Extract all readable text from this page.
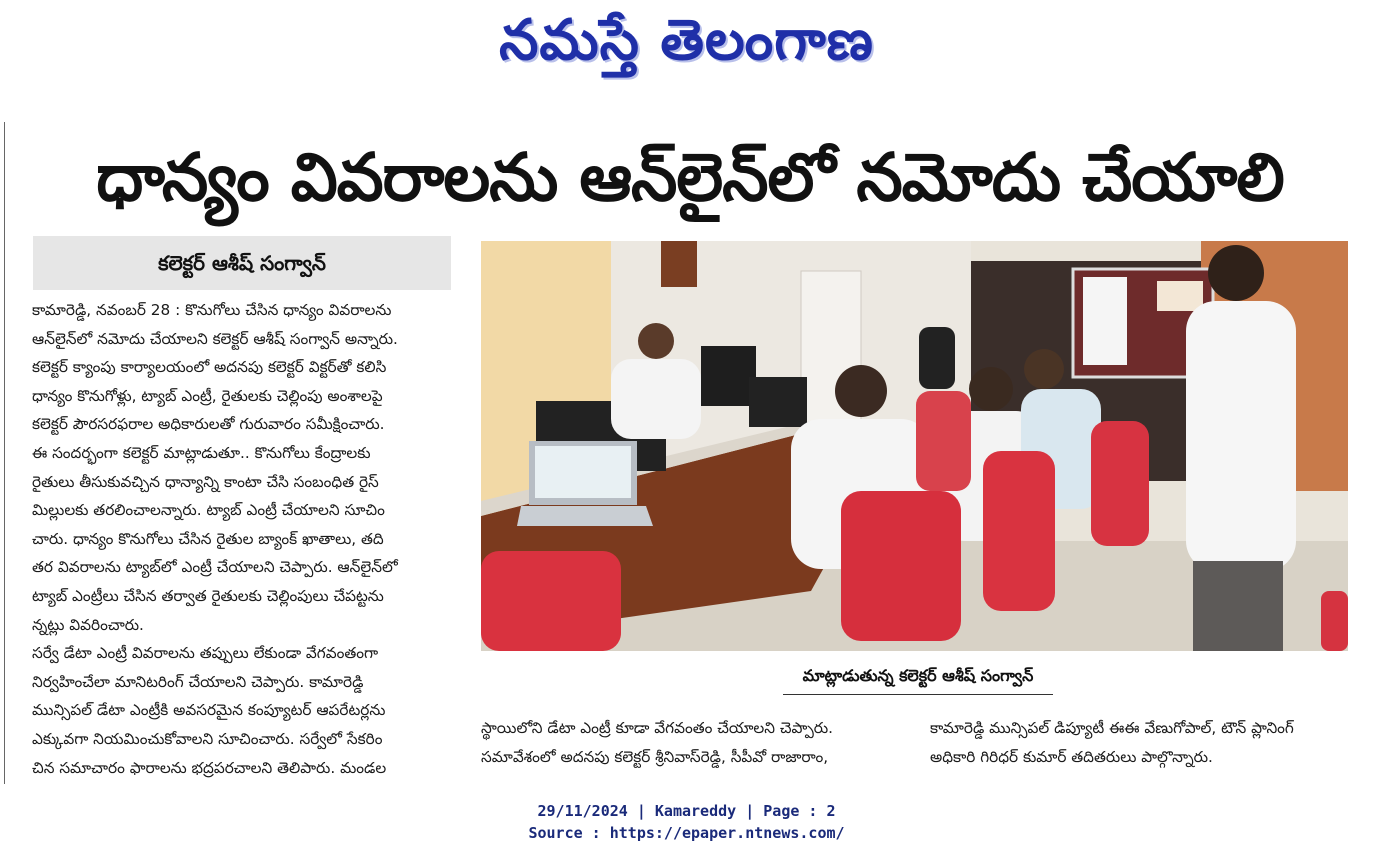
నమస్తే తెలంగాణ
ధాన్యం వివరాలను ఆన్‌లైన్‌లో నమోదు చేయాలి
కలెక్టర్ ఆశీష్ సంగ్వాన్
కామారెడ్డి, నవంబర్ 28 : కొనుగోలు చేసిన ధాన్యం వివరాలను
ఆన్‌లైన్‌లో నమోదు చేయాలని కలెక్టర్ ఆశీష్ సంగ్వాన్ అన్నారు.
కలెక్టర్ క్యాంపు కార్యాలయంలో అదనపు కలెక్టర్ విక్టర్‌తో కలిసి
ధాన్యం కొనుగోళ్లు, ట్యాబ్ ఎంట్రీ, రైతులకు చెల్లింపు అంశాలపై
కలెక్టర్ పౌరసరఫరాల అధికారులతో గురువారం సమీక్షించారు.
ఈ సందర్భంగా కలెక్టర్ మాట్లాడుతూ.. కొనుగోలు కేంద్రాలకు
రైతులు తీసుకువచ్చిన ధాన్యాన్ని కాంటా చేసి సంబంధిత రైస్
మిల్లులకు తరలించాలన్నారు. ట్యాబ్ ఎంట్రీ చేయాలని సూచిం
చారు. ధాన్యం కొనుగోలు చేసిన రైతుల బ్యాంక్ ఖాతాలు, తది
తర వివరాలను ట్యాబ్‌లో ఎంట్రీ చేయాలని చెప్పారు. ఆన్‌లైన్‌లో
ట్యాబ్ ఎంట్రీలు చేసిన తర్వాత రైతులకు చెల్లింపులు చేపట్టను
న్నట్లు వివరించారు.
సర్వే డేటా ఎంట్రీ వివరాలను తప్పులు లేకుండా వేగవంతంగా
నిర్వహించేలా మానిటరింగ్ చేయాలని చెప్పారు. కామారెడ్డి
మున్సిపల్ డేటా ఎంట్రీకి అవసరమైన కంప్యూటర్ ఆపరేటర్లను
ఎక్కువగా నియమించుకోవాలని సూచించారు. సర్వేలో సేకరిం
చిన సమాచారం ఫారాలను భద్రపరచాలని తెలిపారు. మండల
మాట్లాడుతున్న కలెక్టర్ ఆశీష్ సంగ్వాన్
స్థాయిలోని డేటా ఎంట్రీ కూడా వేగవంతం చేయాలని చెప్పారు.
సమావేశంలో అదనపు కలెక్టర్ శ్రీనివాస్‌రెడ్డి, సీపీవో రాజారాం,
కామారెడ్డి మున్సిపల్ డిప్యూటీ ఈఈ వేణుగోపాల్, టౌన్ ప్లానింగ్
అధికారి గిరిధర్ కుమార్ తదితరులు పాల్గొన్నారు.
29/11/2024 | Kamareddy | Page : 2
Source : https://epaper.ntnews.com/
